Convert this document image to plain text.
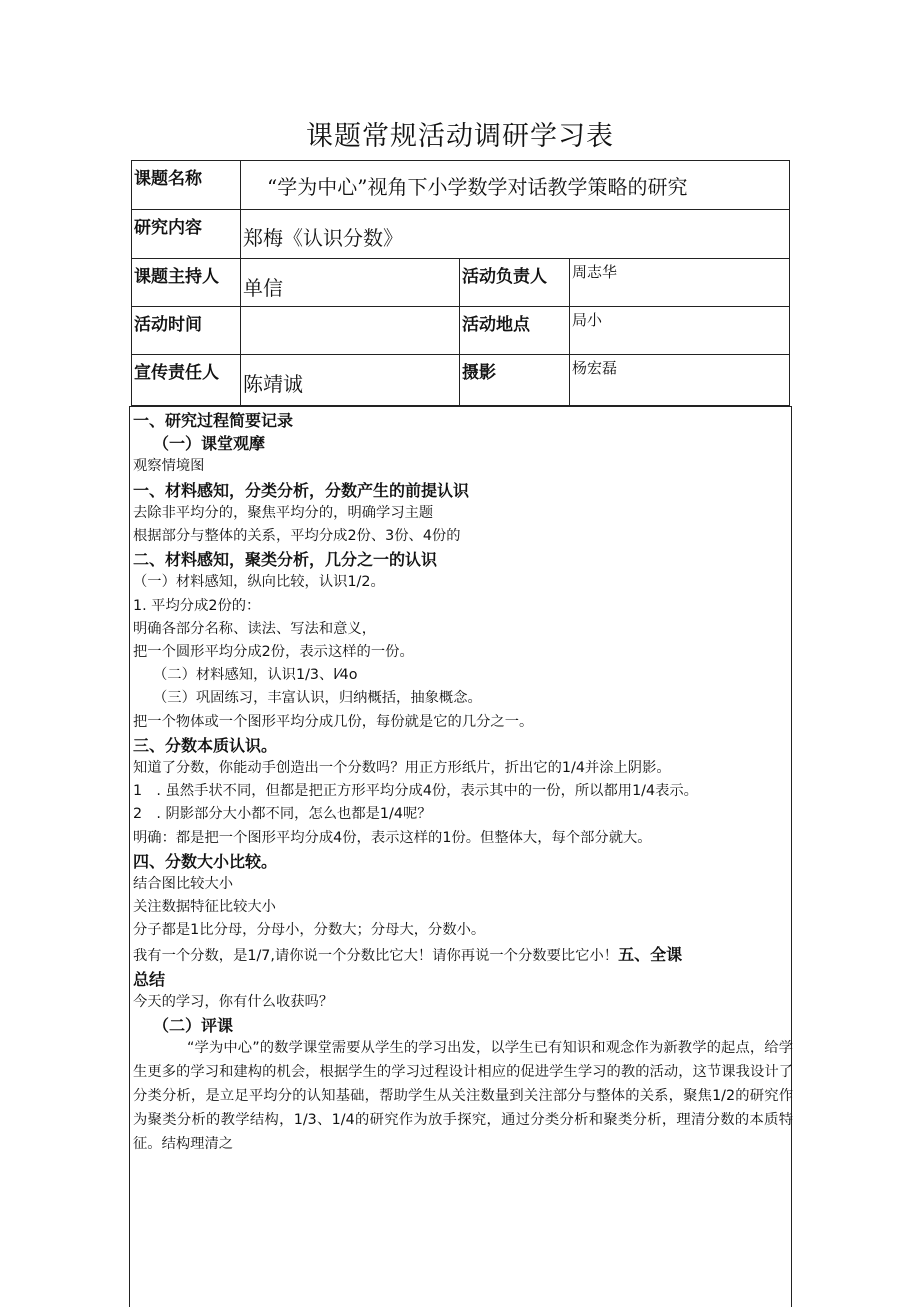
课题常规活动调研学习表
课题名称	“学为中心”视角下小学数学对话教学策略的研究		
研究内容	郑梅《认识分数》		
课题主持人	单信	活动负责人	周志华
活动时间		活动地点	局小
宣传责任人	陈靖诚	摄影	杨宏磊

一、研究过程简要记录

（一）课堂观摩

观察情境图

一、材料感知，分类分析，分数产生的前提认识

去除非平均分的，聚焦平均分的，明确学习主题

根据部分与整体的关系，平均分成2份、3份、4份的

二、材料感知，聚类分析，几分之一的认识

（一）材料感知，纵向比较，认识1/2。

1. 平均分成2份的：

明确各部分名称、读法、写法和意义，

把一个圆形平均分成2份，表示这样的一份。

（二）材料感知，认识1/3、l⁄4o

（三）巩固练习，丰富认识，归纳概括，抽象概念。

把一个物体或一个图形平均分成几份，每份就是它的几分之一。

三、分数本质认识。

知道了分数，你能动手创造出一个分数吗？用正方形纸片，折出它的1/4并涂上阴影。

1　. 虽然手状不同，但都是把正方形平均分成4份，表示其中的一份，所以都用1/4表示。

2　. 阴影部分大小都不同，怎么也都是1/4呢？

明确：都是把一个图形平均分成4份，表示这样的1份。但整体大，每个部分就大。

四、分数大小比较。

结合图比较大小

关注数据特征比较大小

分子都是1比分母，分母小，分数大；分母大，分数小。

我有一个分数，是1/7,请你说一个分数比它大！请你再说一个分数要比它小！五、全课

总结

今天的学习，你有什么收获吗？

（二）评课

“学为中心”的数学课堂需要从学生的学习出发，以学生已有知识和观念作为新教学的起点，给学生更多的学习和建构的机会，根据学生的学习过程设计相应的促进学生学习的教的活动，这节课我设计了分类分析，是立足平均分的认知基础，帮助学生从关注数量到关注部分与整体的关系，聚焦1/2的研究作为聚类分析的教学结构，1/3、1/4的研究作为放手探究，通过分类分析和聚类分析，理清分数的本质特征。结构理清之
